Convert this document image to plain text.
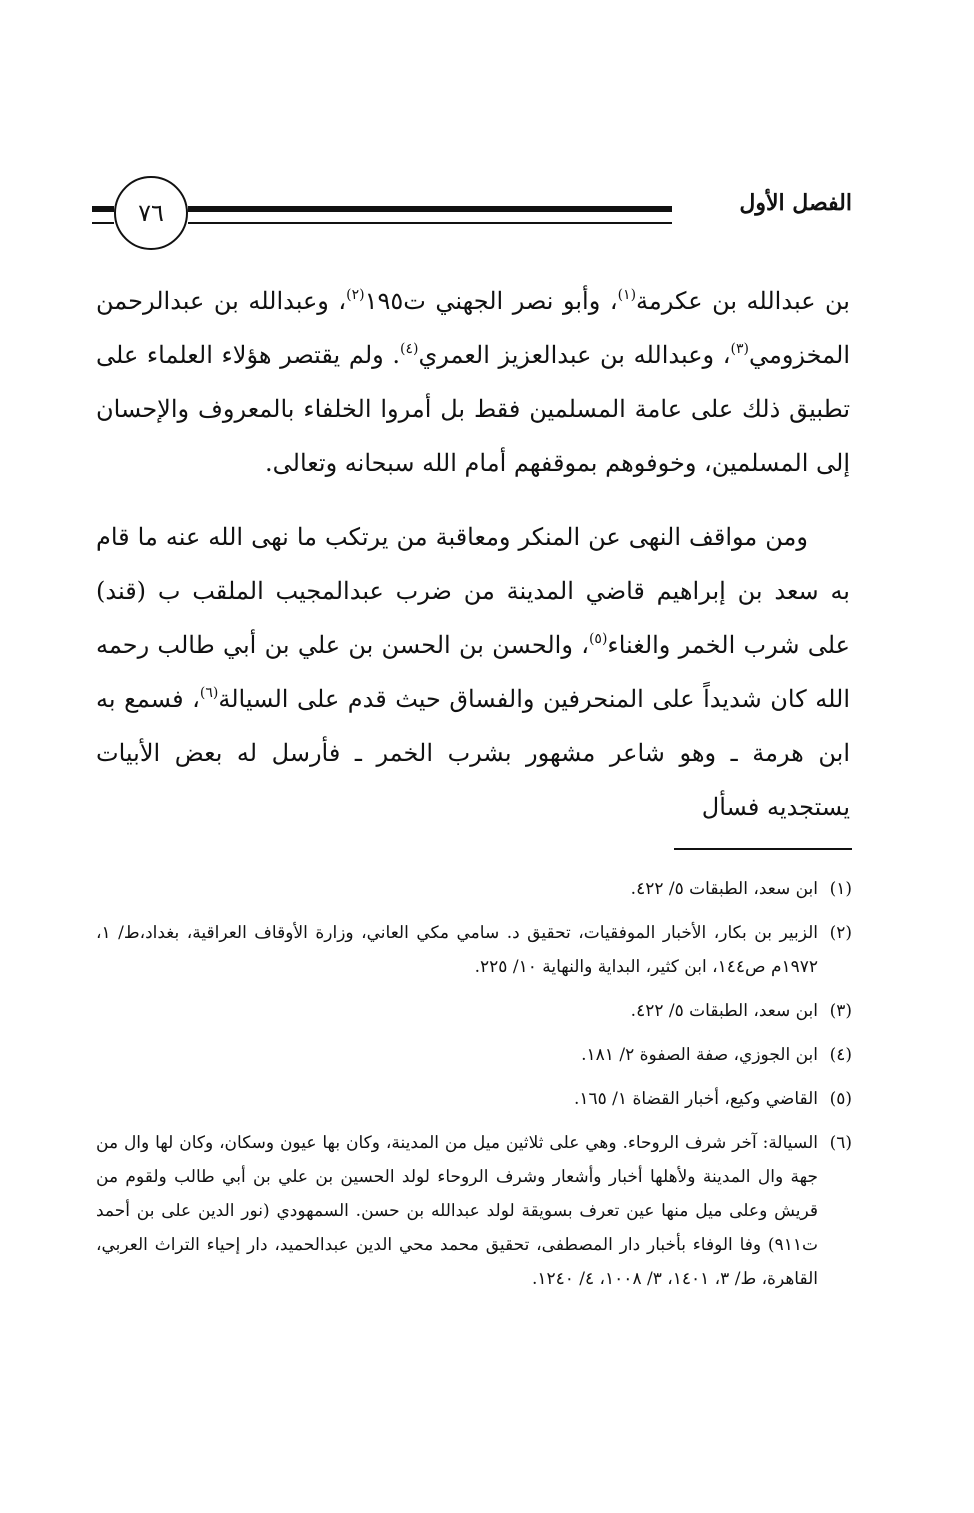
الفصل الأول
٧٦

بن عبدالله بن عكرمة$^{(١)}$، وأبو نصر الجهني ت١٩٥$^{(٢)}$، وعبدالله بن عبدالرحمن المخزومي$^{(٣)}$، وعبدالله بن عبدالعزيز العمري$^{(٤)}$. ولم يقتصر هؤلاء العلماء على تطبيق ذلك على عامة المسلمين فقط بل أمروا الخلفاء بالمعروف والإحسان إلى المسلمين، وخوفوهم بموقفهم أمام الله سبحانه وتعالى.

ومن مواقف النهى عن المنكر ومعاقبة من يرتكب ما نهى الله عنه ما قام به سعد بن إبراهيم قاضي المدينة من ضرب عبدالمجيب الملقب ب (قند) على شرب الخمر والغناء$^{(٥)}$، والحسن بن الحسن بن علي بن أبي طالب رحمه الله كان شديداً على المنحرفين والفساق حيث قدم على السيالة$^{(٦)}$، فسمع به ابن هرمة ـ وهو شاعر مشهور بشرب الخمر ـ فأرسل له بعض الأبيات يستجديه فسأل

(١)
ابن سعد، الطبقات ٥/ ٤٢٢.
(٢)
الزبير بن بكار، الأخبار الموفقيات، تحقيق د. سامي مكي العاني، وزارة الأوقاف العراقية، بغداد،ط/ ١، ١٩٧٢م ص١٤٤، ابن كثير، البداية والنهاية ١٠/ ٢٢٥.
(٣)
ابن سعد، الطبقات ٥/ ٤٢٢.
(٤)
ابن الجوزي، صفة الصفوة ٢/ ١٨١.
(٥)
القاضي وكيع، أخبار القضاة ١/ ١٦٥.
(٦)
السيالة: آخر شرف الروحاء. وهي على ثلاثين ميل من المدينة، وكان بها عيون وسكان، وكان لها وال من جهة وال المدينة ولأهلها أخبار وأشعار وشرف الروحاء لولد الحسين بن علي بن أبي طالب ولقوم من قريش وعلى ميل منها عين تعرف بسويقة لولد عبدالله بن حسن. السمهودي (نور الدين على بن أحمد ت٩١١) وفا الوفاء بأخبار دار المصطفى، تحقيق محمد محي الدين عبدالحميد، دار إحياء التراث العربي، القاهرة، ط/ ٣، ١٤٠١، ٣/ ١٠٠٨، ٤/ ١٢٤٠.
